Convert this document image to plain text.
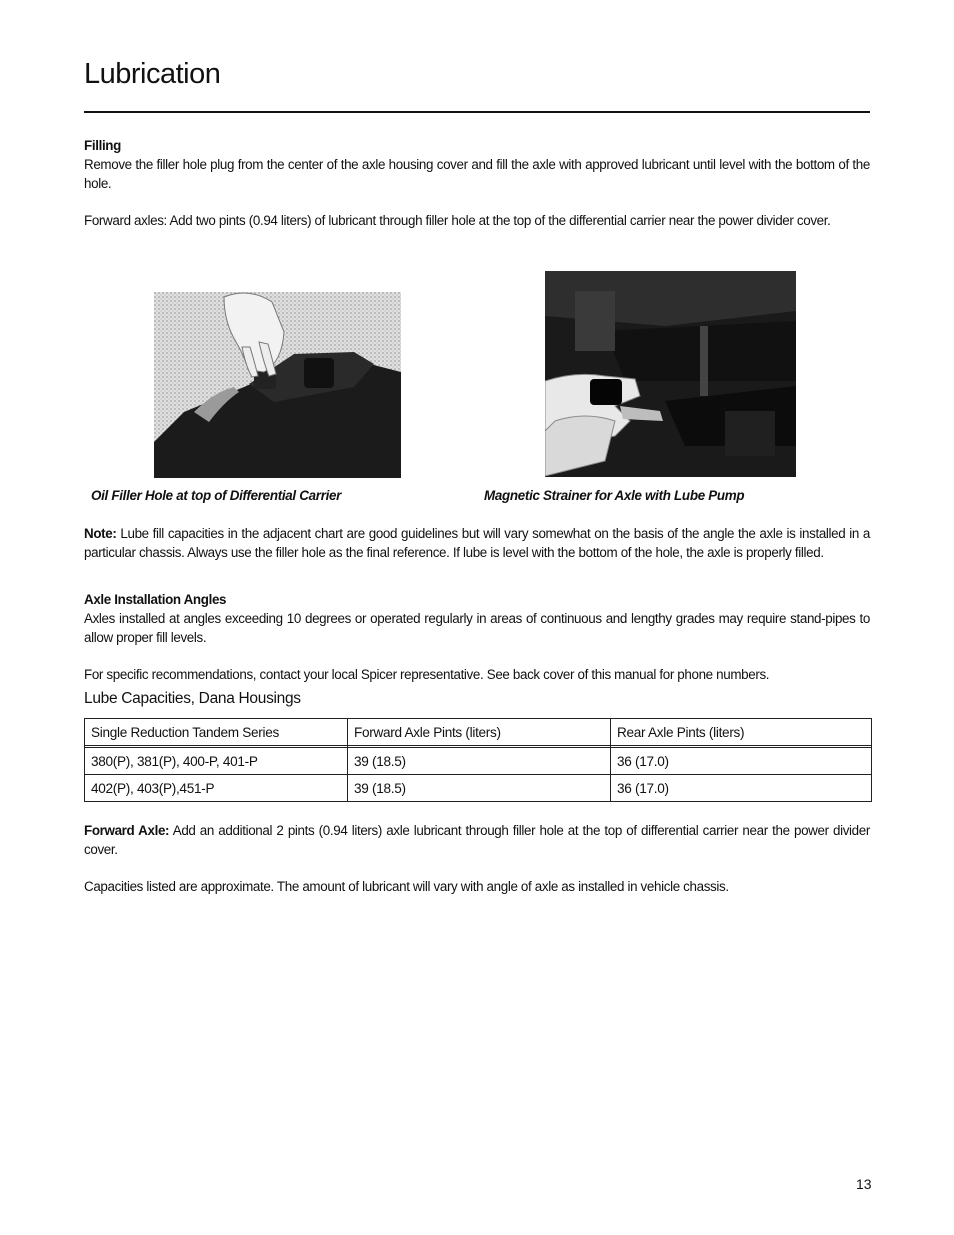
Lubrication

Filling
Remove the filler hole plug from the center of the axle housing cover and fill the axle with approved lubricant until level with the bottom of the hole.

Forward axles: Add two pints (0.94 liters) of lubricant through filler hole at the top of the differential carrier near the power divider cover.

Oil Filler Hole at top of Differential Carrier	Magnetic Strainer for Axle with Lube Pump

Note: Lube fill capacities in the adjacent chart are good guidelines but will vary somewhat on the basis of the angle the axle is installed in a particular chassis. Always use the filler hole as the final reference. If lube is level with the bottom of the hole, the axle is properly filled.

Axle Installation Angles
Axles installed at angles exceeding 10 degrees or operated regularly in areas of continuous and lengthy grades may require stand-pipes to allow proper fill levels.

For specific recommendations, contact your local Spicer representative. See back cover of this manual for phone numbers.

Lube Capacities, Dana Housings
Single Reduction Tandem Series	Forward Axle Pints (liters)	Rear Axle Pints (liters)

380(P), 381(P), 400-P, 401-P	39 (18.5)	36 (17.0)
402(P), 403(P),451-P	39 (18.5)	36 (17.0)

Forward Axle: Add an additional 2 pints (0.94 liters) axle lubricant through filler hole at the top of differential carrier near the power divider cover.

Capacities listed are approximate. The amount of lubricant will vary with angle of axle as installed in vehicle chassis.

13
